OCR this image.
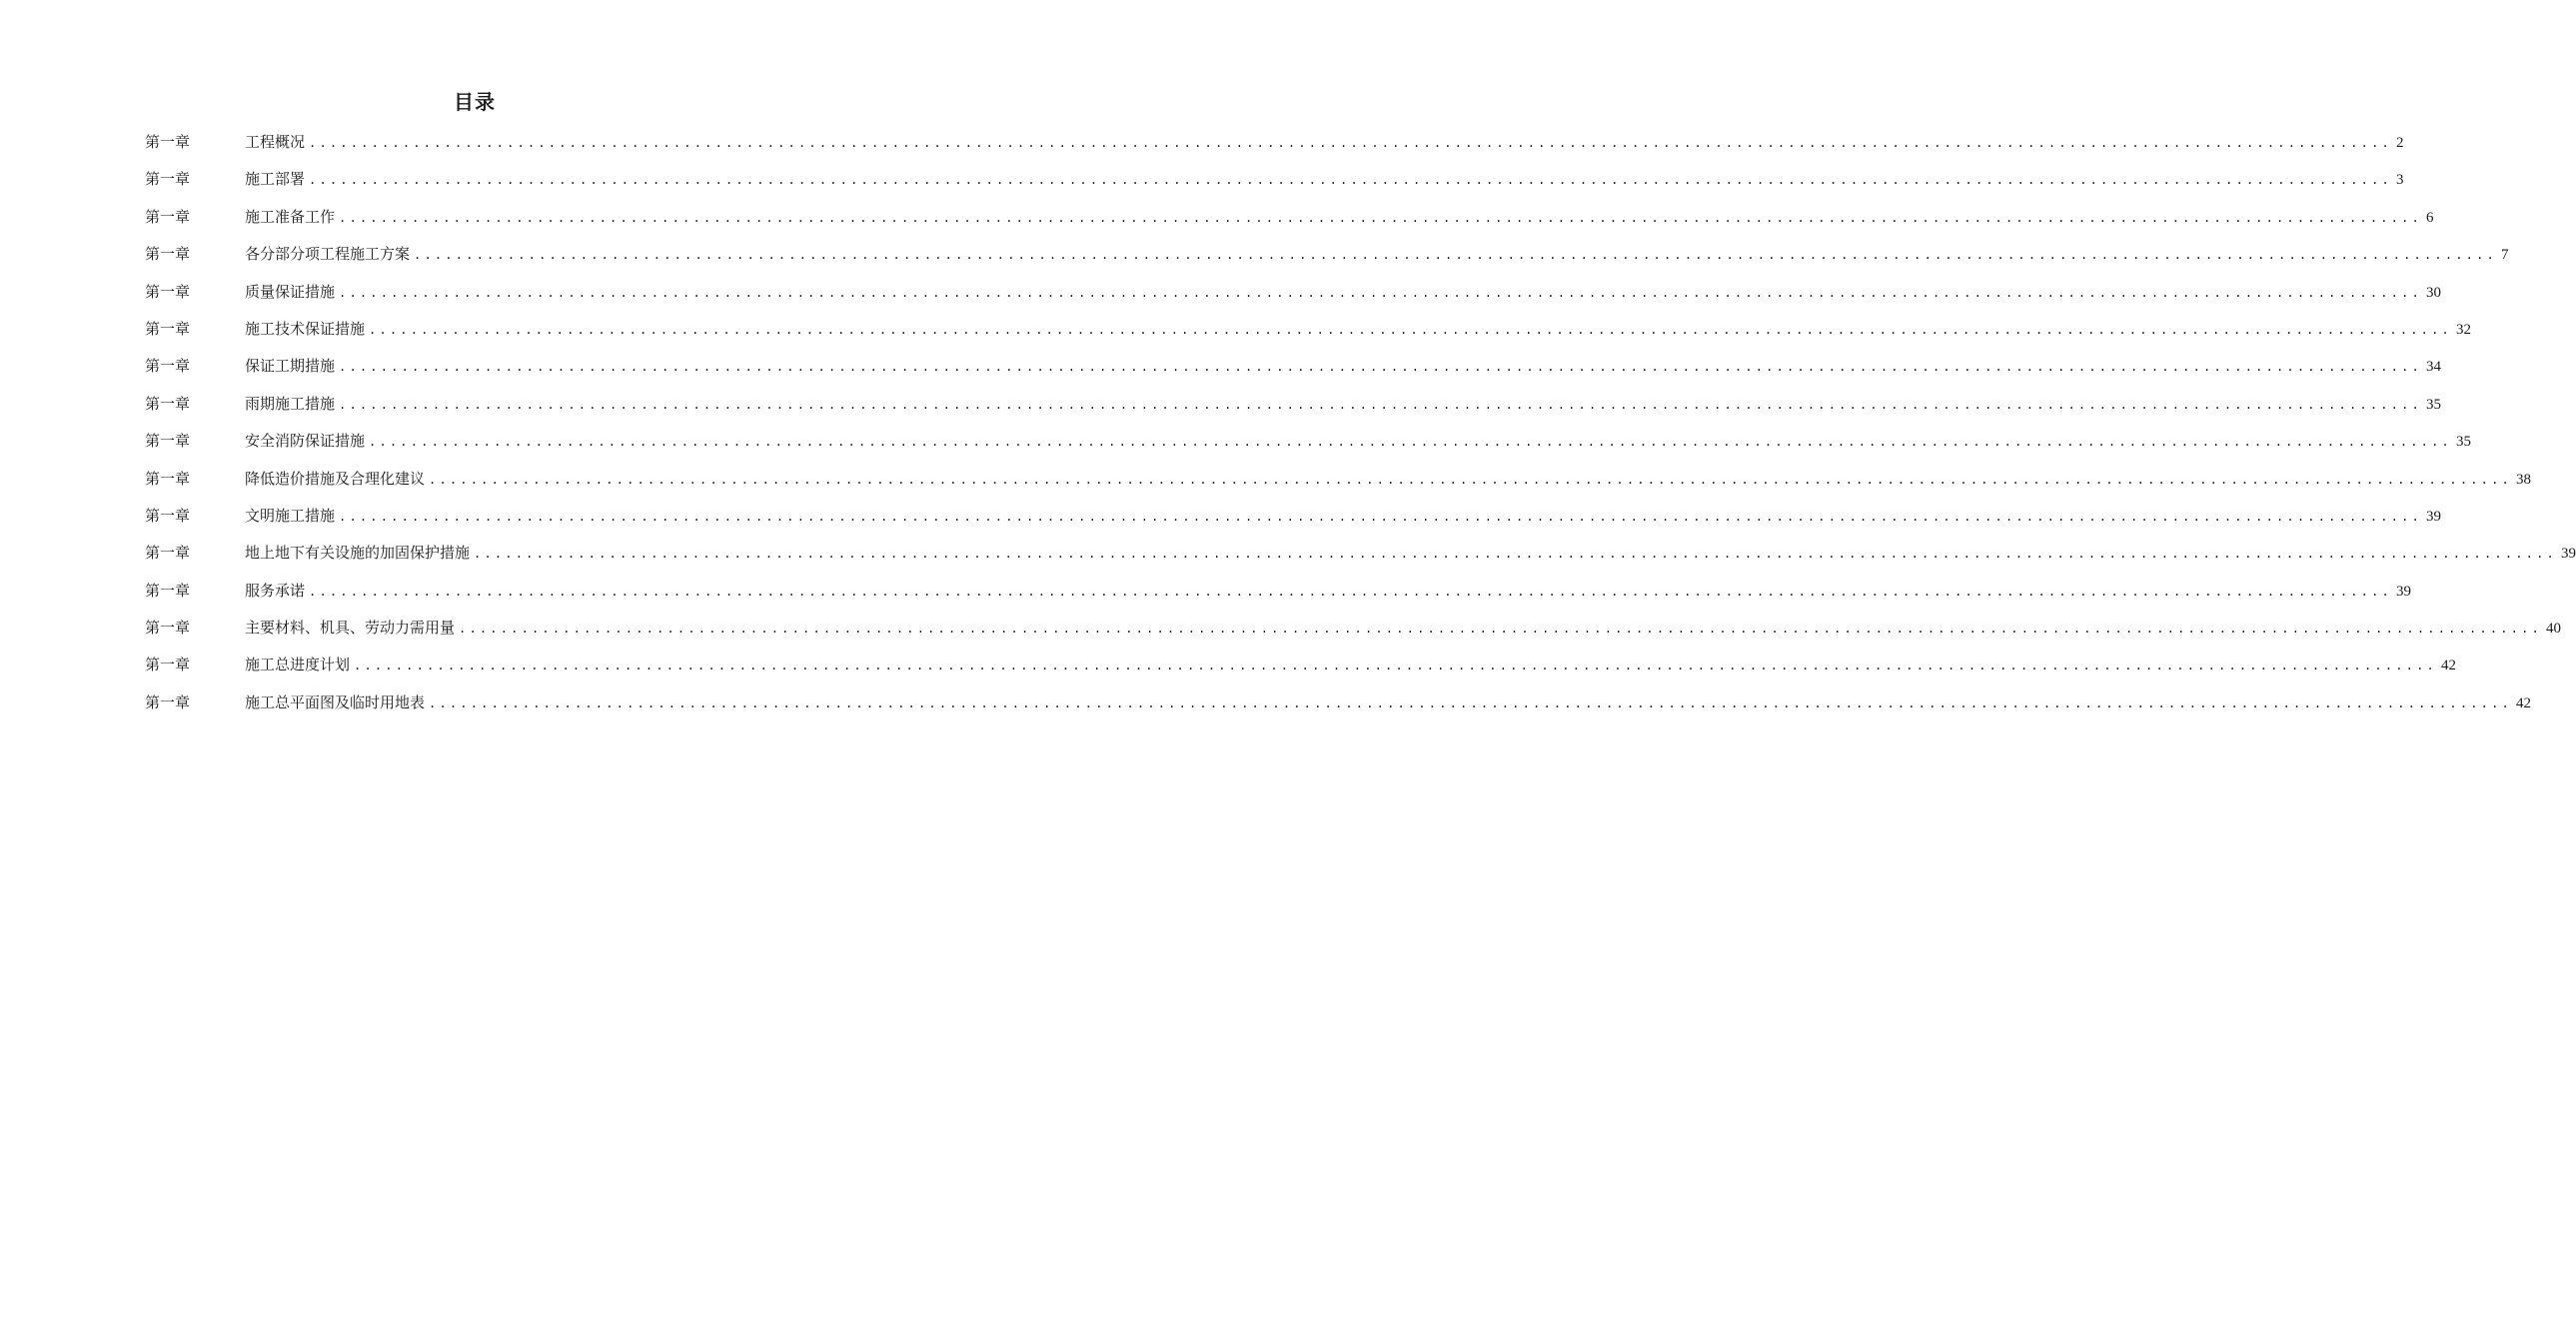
目录
第一章	工程概况 ........................................................................................................................................................................................................ 2
第一章	施工部署 ........................................................................................................................................................................................................ 3
第一章	施工准备工作 ........................................................................................................................................................................................................ 6
第一章	各分部分项工程施工方案 ........................................................................................................................................................................................................ 7
第一章	质量保证措施 ........................................................................................................................................................................................................ 30
第一章	施工技术保证措施 ........................................................................................................................................................................................................ 32
第一章	保证工期措施 ........................................................................................................................................................................................................ 34
第一章	雨期施工措施 ........................................................................................................................................................................................................ 35
第一章	安全消防保证措施 ........................................................................................................................................................................................................ 35
第一章	降低造价措施及合理化建议 ........................................................................................................................................................................................................ 38
第一章	文明施工措施 ........................................................................................................................................................................................................ 39
第一章	地上地下有关设施的加固保护措施 ........................................................................................................................................................................................................ 39
第一章	服务承诺 ........................................................................................................................................................................................................ 39
第一章	主要材料、机具、劳动力需用量 ........................................................................................................................................................................................................ 40
第一章	施工总进度计划 ........................................................................................................................................................................................................ 42
第一章	施工总平面图及临时用地表 ........................................................................................................................................................................................................ 42
